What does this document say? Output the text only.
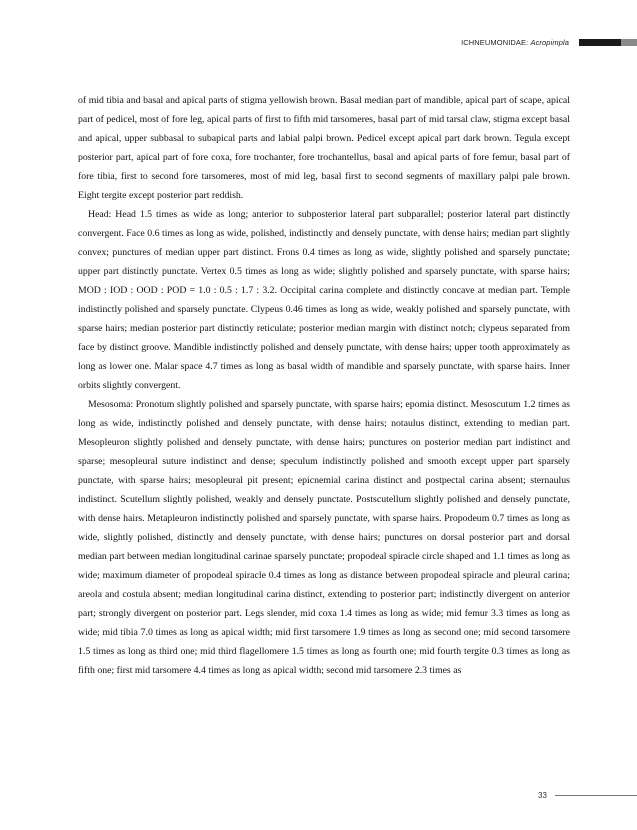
ICHNEUMONIDAE: Acropimpla

of mid tibia and basal and apical parts of stigma yellowish brown. Basal median part of mandible, apical part of scape, apical part of pedicel, most of fore leg, apical parts of first to fifth mid tarsomeres, basal part of mid tarsal claw, stigma except basal and apical, upper subbasal to subapical parts and labial palpi brown. Pedicel except apical part dark brown. Tegula except posterior part, apical part of fore coxa, fore trochanter, fore trochantellus, basal and apical parts of fore femur, basal part of fore tibia, first to second fore tarsomeres, most of mid leg, basal first to second segments of maxillary palpi pale brown. Eight tergite except posterior part reddish.

Head: Head 1.5 times as wide as long; anterior to subposterior lateral part subparallel; posterior lateral part distinctly convergent. Face 0.6 times as long as wide, polished, indistinctly and densely punctate, with dense hairs; median part slightly convex; punctures of median upper part distinct. Frons 0.4 times as long as wide, slightly polished and sparsely punctate; upper part distinctly punctate. Vertex 0.5 times as long as wide; slightly polished and sparsely punctate, with sparse hairs; MOD : IOD : OOD : POD = 1.0 : 0.5 : 1.7 : 3.2. Occipital carina complete and distinctly concave at median part. Temple indistinctly polished and sparsely punctate. Clypeus 0.46 times as long as wide, weakly polished and sparsely punctate, with sparse hairs; median posterior part distinctly reticulate; posterior median margin with distinct notch; clypeus separated from face by distinct groove. Mandible indistinctly polished and densely punctate, with dense hairs; upper tooth approximately as long as lower one. Malar space 4.7 times as long as basal width of mandible and sparsely punctate, with sparse hairs. Inner orbits slightly convergent.

Mesosoma: Pronotum slightly polished and sparsely punctate, with sparse hairs; epomia distinct. Mesoscutum 1.2 times as long as wide, indistinctly polished and densely punctate, with dense hairs; notaulus distinct, extending to median part. Mesopleuron slightly polished and densely punctate, with dense hairs; punctures on posterior median part indistinct and sparse; mesopleural suture indistinct and dense; speculum indistinctly polished and smooth except upper part sparsely punctate, with sparse hairs; mesopleural pit present; epicnemial carina distinct and postpectal carina absent; sternaulus indistinct. Scutellum slightly polished, weakly and densely punctate. Postscutellum slightly polished and densely punctate, with dense hairs. Metapleuron indistinctly polished and sparsely punctate, with sparse hairs. Propodeum 0.7 times as long as wide, slightly polished, distinctly and densely punctate, with dense hairs; punctures on dorsal posterior part and dorsal median part between median longitudinal carinae sparsely punctate; propodeal spiracle circle shaped and 1.1 times as long as wide; maximum diameter of propodeal spiracle 0.4 times as long as distance between propodeal spiracle and pleural carina; areola and costula absent; median longitudinal carina distinct, extending to posterior part; indistinctly divergent on anterior part; strongly divergent on posterior part. Legs slender, mid coxa 1.4 times as long as wide; mid femur 3.3 times as long as wide; mid tibia 7.0 times as long as apical width; mid first tarsomere 1.9 times as long as second one; mid second tarsomere 1.5 times as long as third one; mid third flagellomere 1.5 times as long as fourth one; mid fourth tergite 0.3 times as long as fifth one; first mid tarsomere 4.4 times as long as apical width; second mid tarsomere 2.3 times as

33
